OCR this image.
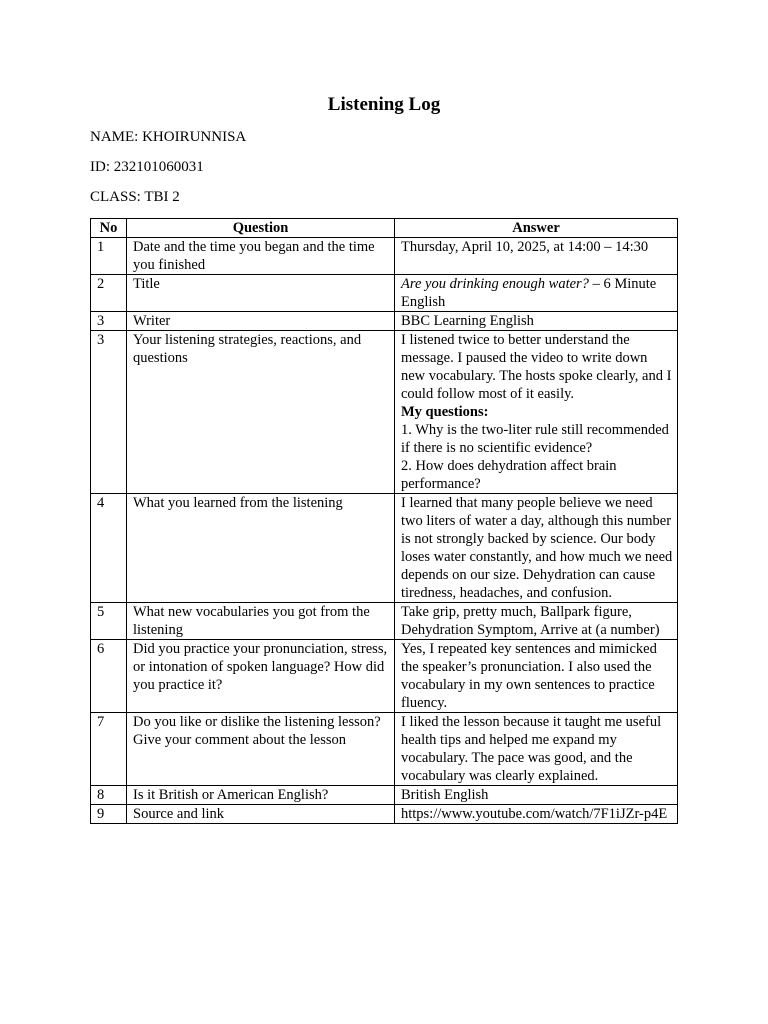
Listening Log
NAME: KHOIRUNNISA
ID: 232101060031
CLASS: TBI 2
No	Question	Answer
1	Date and the time you began and the time you finished	Thursday, April 10, 2025, at 14:00 – 14:30
2	Title	Are you drinking enough water? – 6 Minute English
3	Writer	BBC Learning English
3	Your listening strategies, reactions, and questions	I listened twice to better understand the message. I paused the video to write down new vocabulary. The hosts spoke clearly, and I could follow most of it easily.
My questions:
1. Why is the two-liter rule still recommended if there is no scientific evidence?
2. How does dehydration affect brain performance?

4	What you learned from the listening	I learned that many people believe we need two liters of water a day, although this number is not strongly backed by science. Our body loses water constantly, and how much we need depends on our size. Dehydration can cause tiredness, headaches, and confusion.
5	What new vocabularies you got from the listening	Take grip, pretty much, Ballpark figure, Dehydration Symptom, Arrive at (a number)
6	Did you practice your pronunciation, stress, or intonation of spoken language? How did you practice it?	Yes, I repeated key sentences and mimicked the speaker’s pronunciation. I also used the vocabulary in my own sentences to practice fluency.
7	Do you like or dislike the listening lesson? Give your comment about the lesson	I liked the lesson because it taught me useful health tips and helped me expand my vocabulary. The pace was good, and the vocabulary was clearly explained.
8	Is it British or American English?	British English
9	Source and link	https://www.youtube.com/watch/7F1iJZr-p4E
